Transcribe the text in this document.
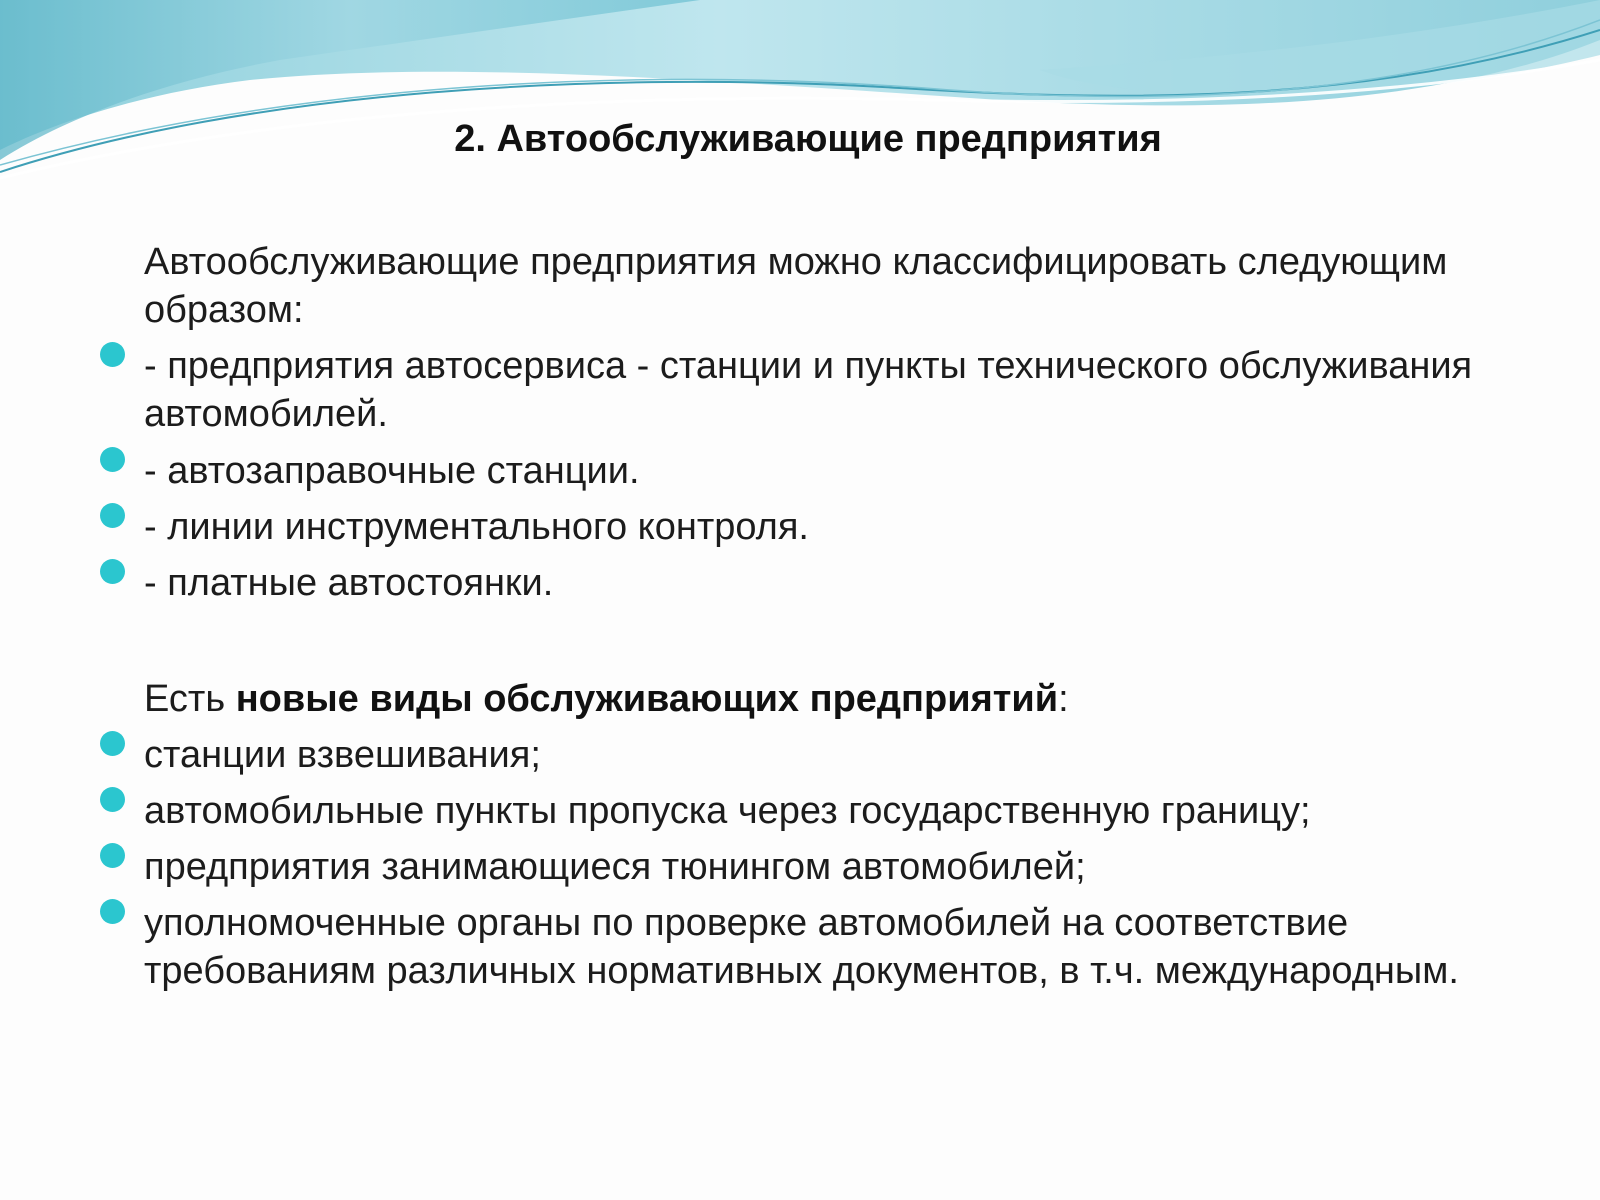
2. Автообслуживающие предприятия

Автообслуживающие предприятия можно классифицировать следующим образом:

- предприятия автосервиса - станции и пункты технического обслуживания автомобилей.

- автозаправочные станции.

- линии инструментального контроля.

- платные автостоянки.

Есть новые виды обслуживающих предприятий:

станции взвешивания;

автомобильные пункты пропуска через государственную границу;

предприятия занимающиеся тюнингом автомобилей;

уполномоченные органы по проверке автомобилей на соответствие требованиям различных нормативных документов, в т.ч. международным.
